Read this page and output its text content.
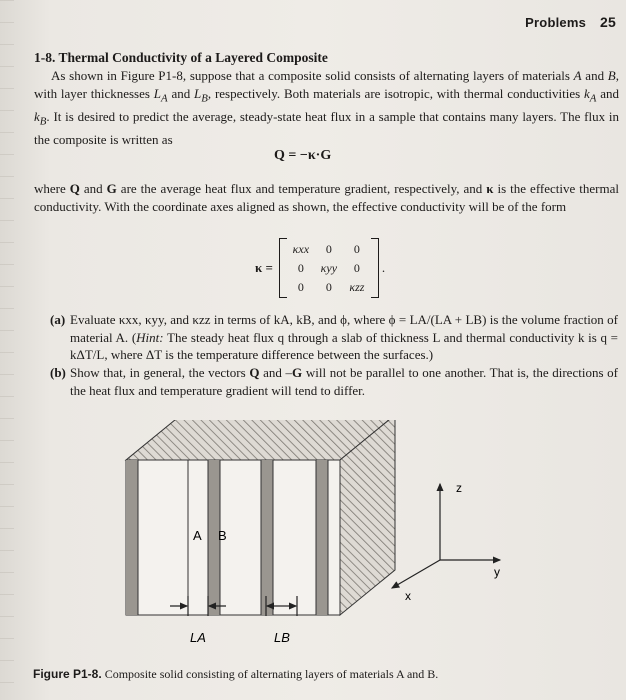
Problems 25
1-8. Thermal Conductivity of a Layered Composite
As shown in Figure P1-8, suppose that a composite solid consists of alternating layers of materials A and B, with layer thicknesses $L_A$ and $L_B$, respectively. Both materials are isotropic, with thermal conductivities $k_A$ and $k_B$. It is desired to predict the average, steady-state heat flux in a sample that contains many layers. The flux in the composite is written as
Q = −κ·G
where Q and G are the average heat flux and temperature gradient, respectively, and κ is the effective thermal conductivity. With the coordinate axes aligned as shown, the effective conductivity will be of the form
κ =
κxx	0	0
0	κyy	0
0	0	κzz
.
(a) Evaluate κxx, κyy, and κzz in terms of kA, kB, and ϕ, where ϕ = LA/(LA + LB) is the volume fraction of material A. (Hint: The steady heat flux q through a slab of thickness L and thermal conductivity k is q = kΔT/L, where ΔT is the temperature difference between the surfaces.)
(b) Show that, in general, the vectors Q and –G will not be parallel to one another. That is, the directions of the heat flux and temperature gradient will tend to differ.
A B
LA	LB
z
y
x
Figure P1-8. Composite solid consisting of alternating layers of materials A and B.
